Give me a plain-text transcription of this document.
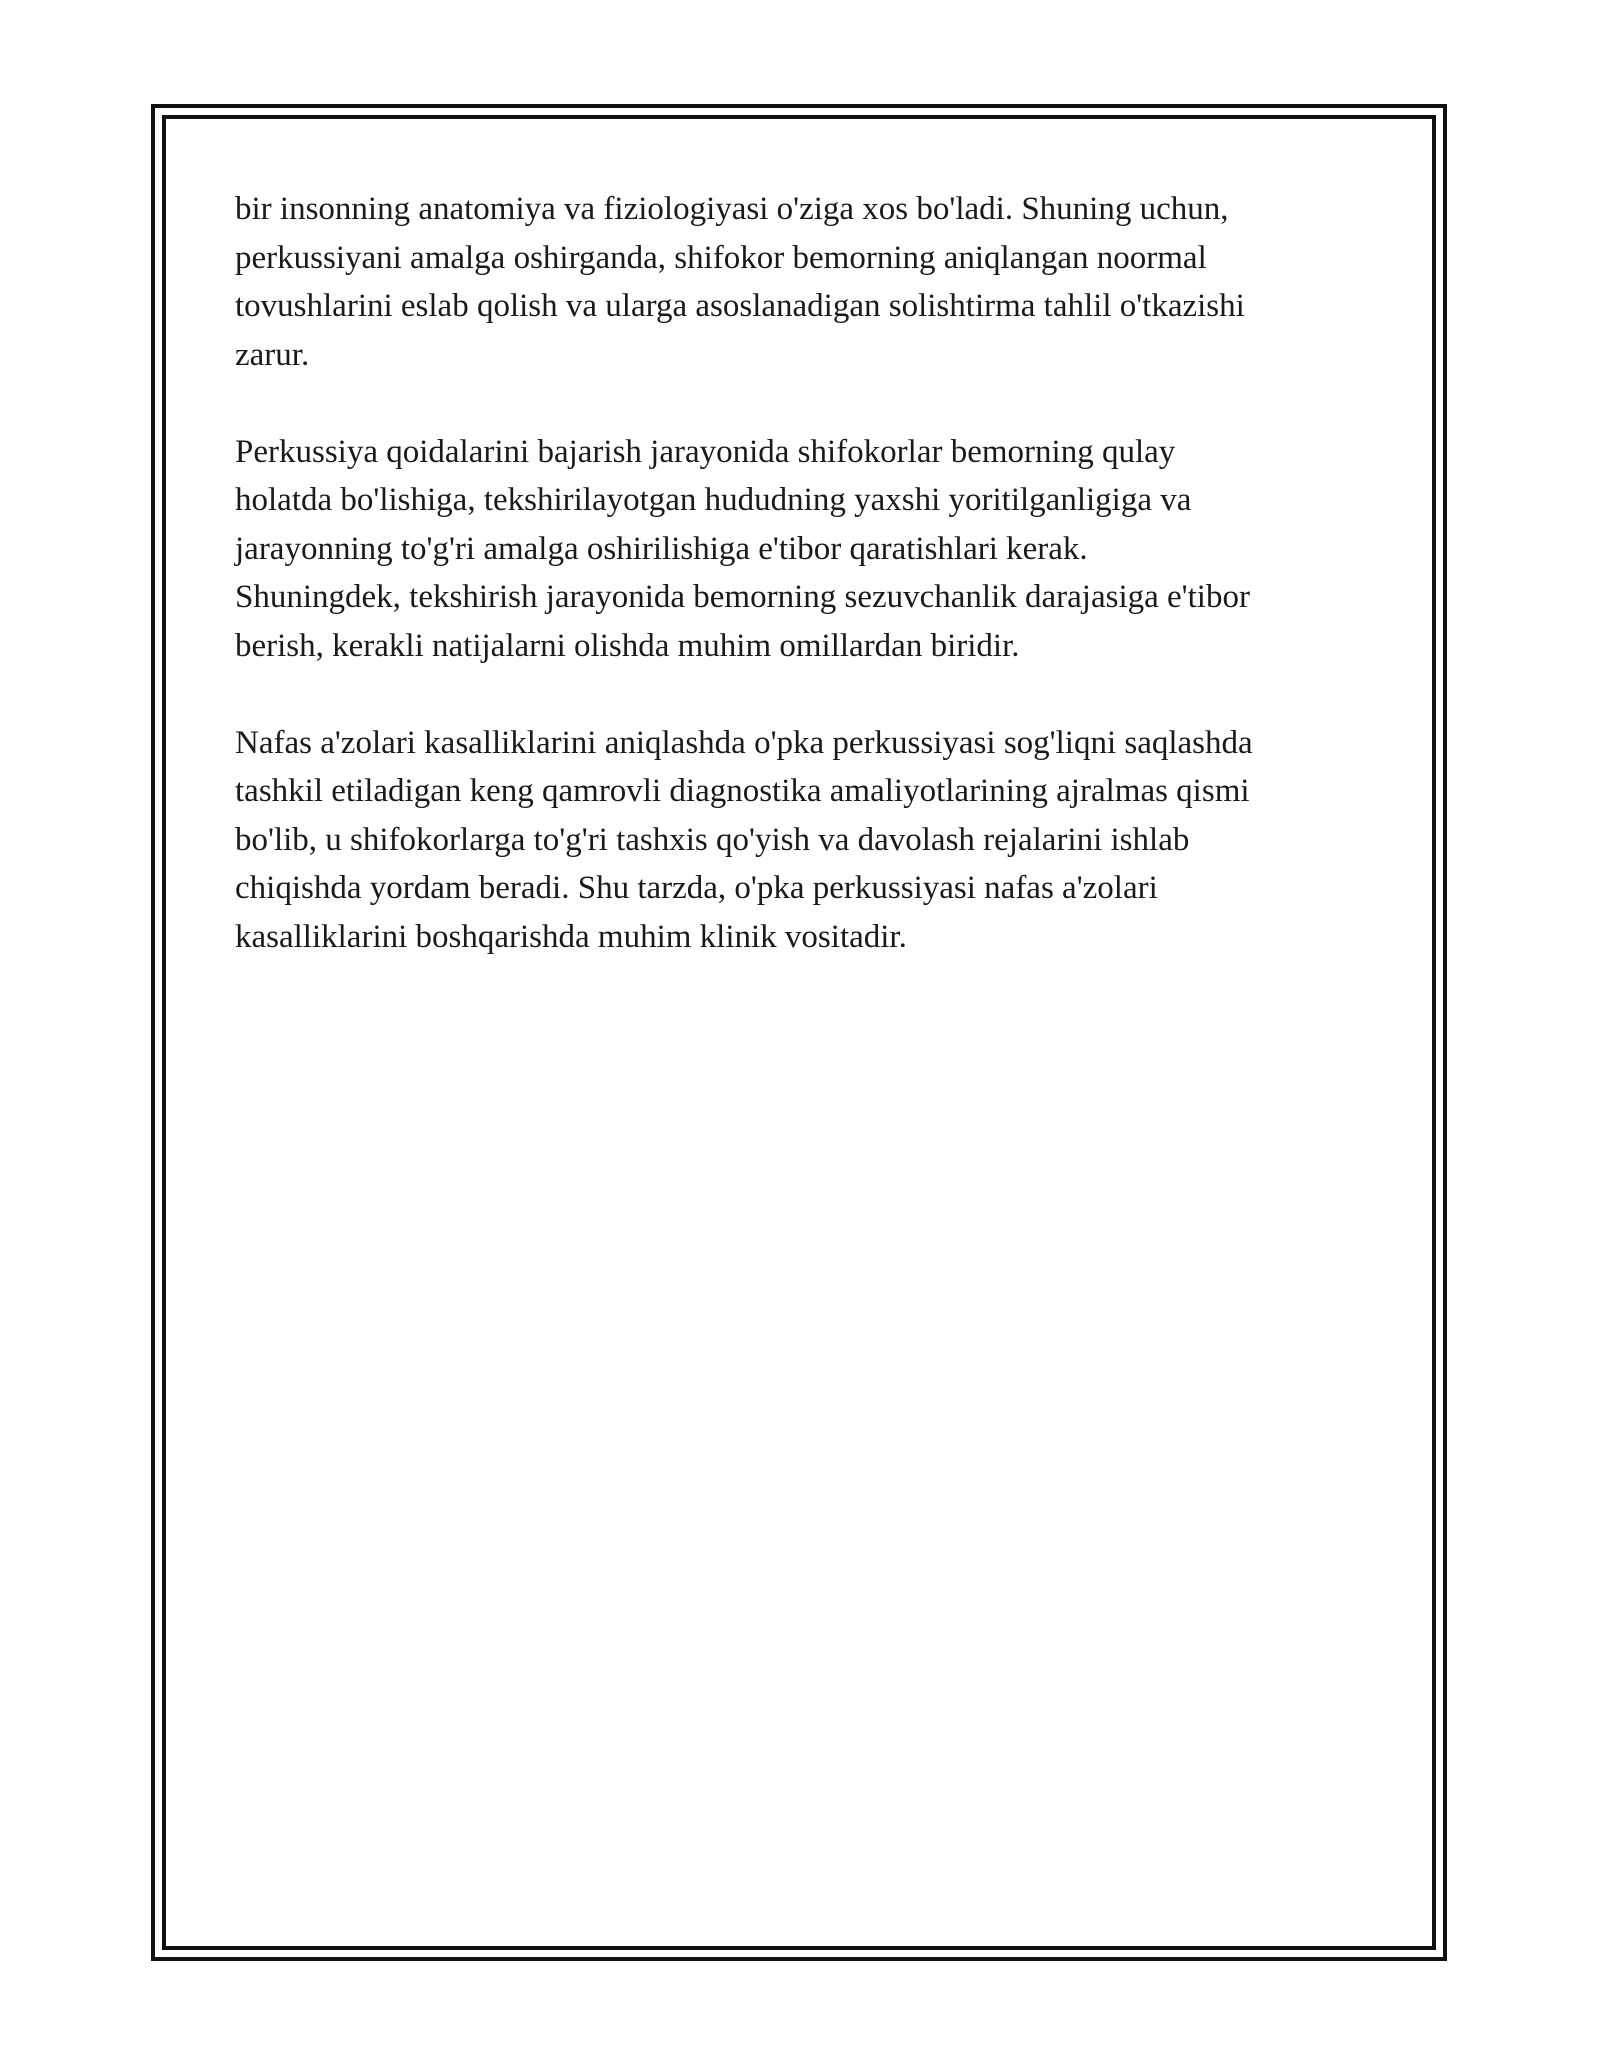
bir insonning anatomiya va fiziologiyasi o'ziga xos bo'ladi. Shuning uchun,
perkussiyani amalga oshirganda, shifokor bemorning aniqlangan noormal
tovushlarini eslab qolish va ularga asoslanadigan solishtirma tahlil o'tkazishi
zarur.

Perkussiya qoidalarini bajarish jarayonida shifokorlar bemorning qulay
holatda bo'lishiga, tekshirilayotgan hududning yaxshi yoritilganligiga va
jarayonning to'g'ri amalga oshirilishiga e'tibor qaratishlari kerak.
Shuningdek, tekshirish jarayonida bemorning sezuvchanlik darajasiga e'tibor
berish, kerakli natijalarni olishda muhim omillardan biridir.

Nafas a'zolari kasalliklarini aniqlashda o'pka perkussiyasi sog'liqni saqlashda
tashkil etiladigan keng qamrovli diagnostika amaliyotlarining ajralmas qismi
bo'lib, u shifokorlarga to'g'ri tashxis qo'yish va davolash rejalarini ishlab
chiqishda yordam beradi. Shu tarzda, o'pka perkussiyasi nafas a'zolari
kasalliklarini boshqarishda muhim klinik vositadir.
